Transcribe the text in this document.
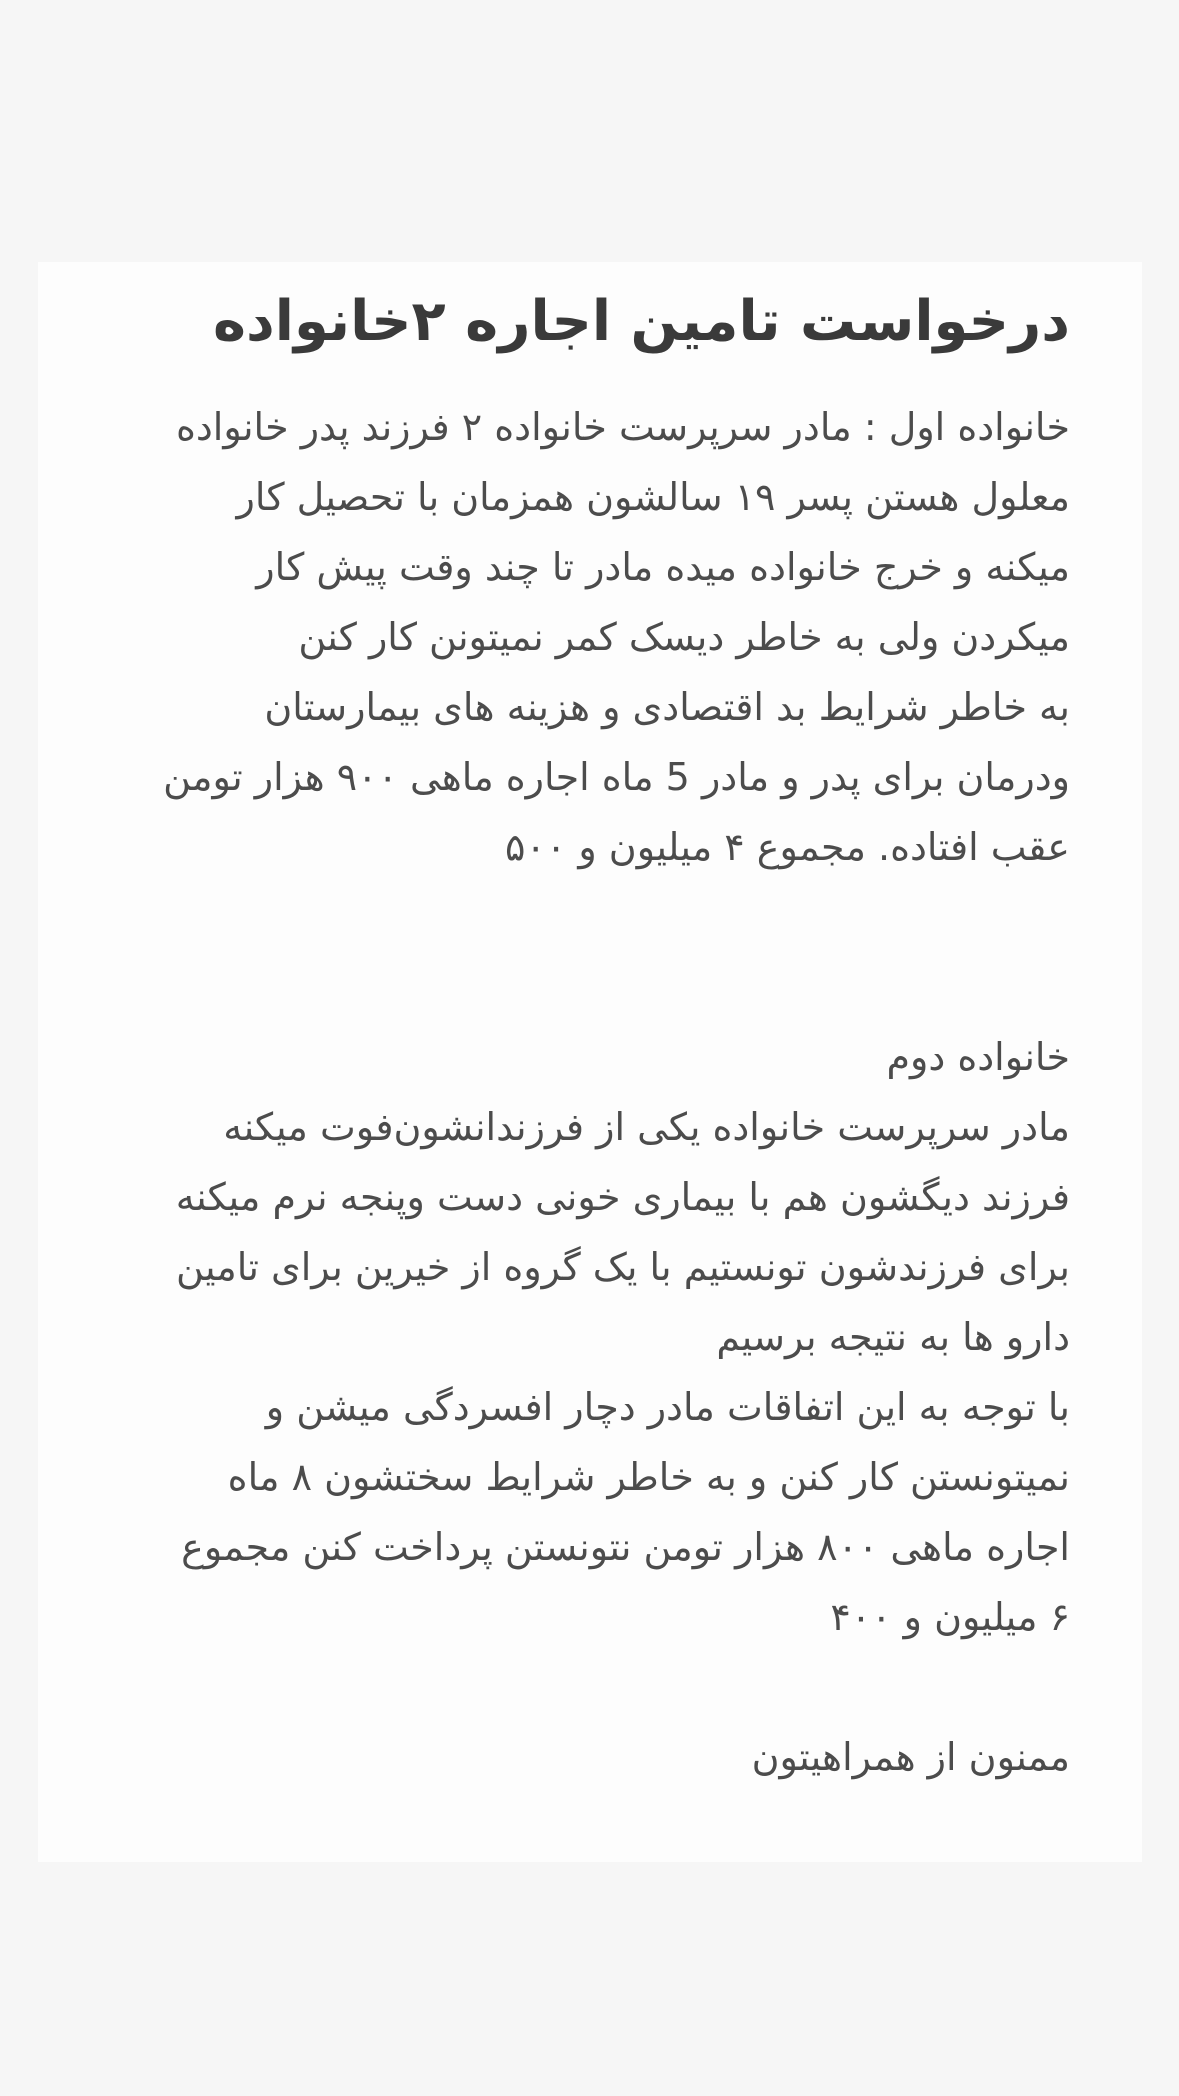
درخواست تامین اجاره ۲خانواده
خانواده اول : مادر سرپرست خانواده ۲ فرزند پدر خانواده
معلول هستن پسر ۱۹ سالشون همزمان با تحصیل کار
میکنه و خرج خانواده میده مادر تا چند وقت پیش کار
میکردن ولی به خاطر دیسک کمر نمیتونن کار کنن
به خاطر شرایط بد اقتصادی و هزینه های بیمارستان
ودرمان برای پدر و مادر 5 ماه اجاره ماهی ۹۰۰ هزار تومن
عقب افتاده. مجموع ۴ میلیون و ۵۰۰
خانواده دوم
مادر سرپرست خانواده یکی از فرزندانشون‌فوت میکنه
فرزند دیگشون هم با بیماری خونی دست وپنجه نرم میکنه
برای فرزندشون تونستیم با یک گروه از خیرین برای تامین
دارو ها به نتیجه برسیم
با توجه به این اتفاقات مادر دچار افسردگی میشن و
نمیتونستن کار کنن و به خاطر شرایط سختشون ۸ ماه
اجاره ماهی ۸۰۰ هزار تومن نتونستن پرداخت کنن مجموع
۶ میلیون و ۴۰۰
ممنون از همراهیتون
